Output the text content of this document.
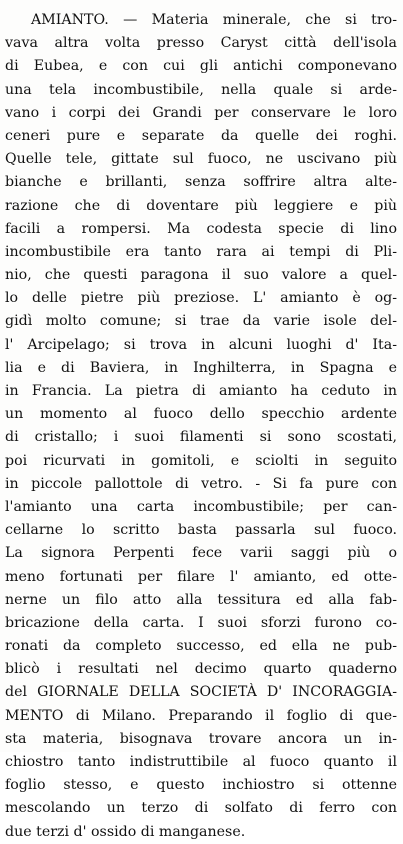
AMIANTO. — Materia minerale, che si tro-
vava altra volta presso Caryst città dell'isola
di Eubea, e con cui gli antichi componevano
una tela incombustibile, nella quale si arde-
vano i corpi dei Grandi per conservare le loro
ceneri pure e separate da quelle dei roghi.
Quelle tele, gittate sul fuoco, ne uscivano più
bianche e brillanti, senza soffrire altra alte-
razione che di doventare più leggiere e più
facili a rompersi. Ma codesta specie di lino
incombustibile era tanto rara ai tempi di Pli-
nio, che questi paragona il suo valore a quel-
lo delle pietre più preziose. L' amianto è og-
gidì molto comune; si trae da varie isole del-
l' Arcipelago; si trova in alcuni luoghi d' Ita-
lia e di Baviera, in Inghilterra, in Spagna e
in Francia. La pietra di amianto ha ceduto in
un momento al fuoco dello specchio ardente
di cristallo; i suoi filamenti si sono scostati,
poi ricurvati in gomitoli, e sciolti in seguito
in piccole pallottole di vetro. - Si fa pure con
l'amianto una carta incombustibile; per can-
cellarne lo scritto basta passarla sul fuoco.
La signora Perpenti fece varii saggi più o
meno fortunati per filare l' amianto, ed otte-
nerne un filo atto alla tessitura ed alla fab-
bricazione della carta. I suoi sforzi furono co-
ronati da completo successo, ed ella ne pub-
blicò i resultati nel decimo quarto quaderno
del GIORNALE DELLA SOCIETÀ D' INCORAGGIA-
MENTO di Milano. Preparando il foglio di que-
sta materia, bisognava trovare ancora un in-
chiostro tanto indistruttibile al fuoco quanto il
foglio stesso, e questo inchiostro si ottenne
mescolando un terzo di solfato di ferro con
due terzi d' ossido di manganese.
